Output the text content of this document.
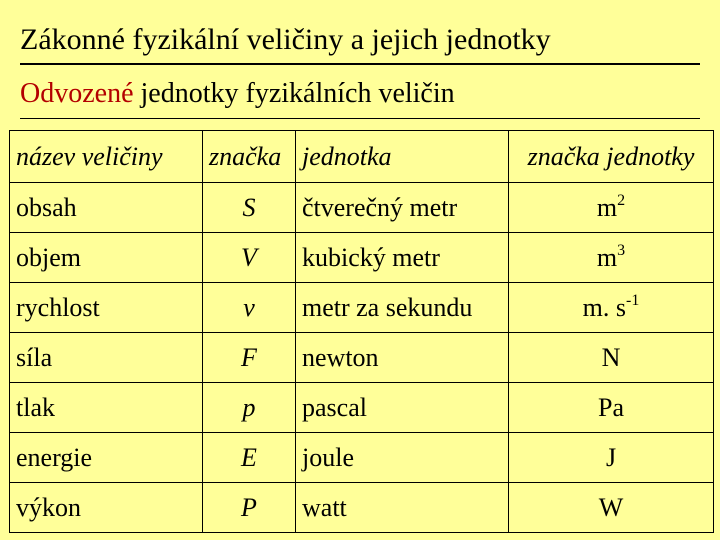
Zákonné fyzikální veličiny a jejich jednotky
Odvozené jednotky fyzikálních veličin
název veličiny	značka	jednotka	značka jednotky
obsah	S	čtverečný metr	$m^2$
objem	V	kubický metr	$m^3$
rychlost	v	metr za sekundu	m. $s^{-1}$
síla	F	newton	N
tlak	p	pascal	Pa
energie	E	joule	J
výkon	P	watt	W
